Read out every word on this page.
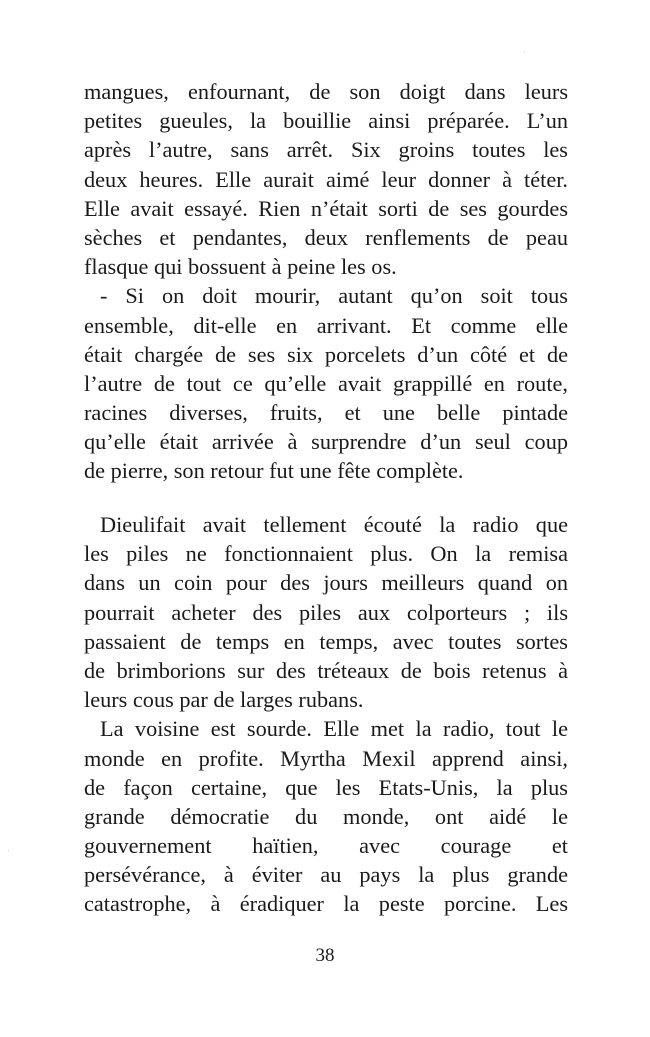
mangues, enfournant, de son doigt dans leurs
petites gueules, la bouillie ainsi préparée. L’un
après l’autre, sans arrêt. Six groins toutes les
deux heures. Elle aurait aimé leur donner à téter.
Elle avait essayé. Rien n’était sorti de ses gourdes
sèches et pendantes, deux renflements de peau
flasque qui bossuent à peine les os.
- Si on doit mourir, autant qu’on soit tous
ensemble, dit-elle en arrivant. Et comme elle
était chargée de ses six porcelets d’un côté et de
l’autre de tout ce qu’elle avait grappillé en route,
racines diverses, fruits, et une belle pintade
qu’elle était arrivée à surprendre d’un seul coup
de pierre, son retour fut une fête complète.
Dieulifait avait tellement écouté la radio que
les piles ne fonctionnaient plus. On la remisa
dans un coin pour des jours meilleurs quand on
pourrait acheter des piles aux colporteurs ; ils
passaient de temps en temps, avec toutes sortes
de brimborions sur des tréteaux de bois retenus à
leurs cous par de larges rubans.
La voisine est sourde. Elle met la radio, tout le
monde en profite. Myrtha Mexil apprend ainsi,
de façon certaine, que les Etats-Unis, la plus
grande démocratie du monde, ont aidé le
gouvernement haïtien, avec courage et
persévérance, à éviter au pays la plus grande
catastrophe, à éradiquer la peste porcine. Les
38
